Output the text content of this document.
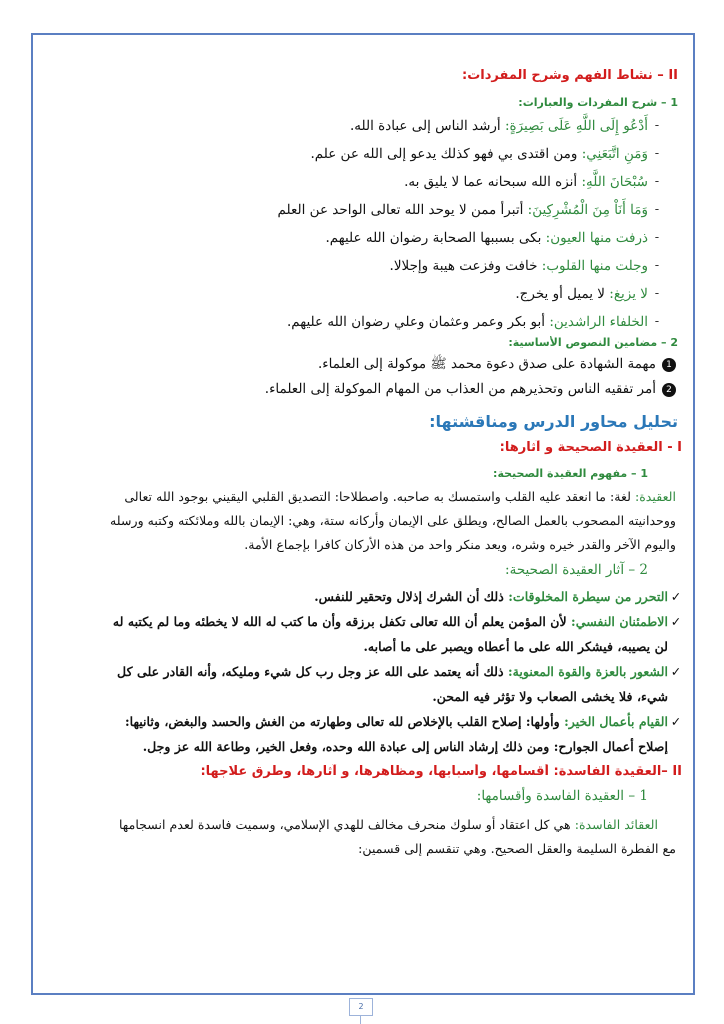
II – نشاط الفهم وشرح المفردات:
1 – شرح المفردات والعبارات:
-
أَدْعُو إِلَى اللَّهِ عَلَى بَصِيرَةٍ
:
أرشد الناس إلى عبادة الله.
-
وَمَنِ اتَّبَعَنِي
:
ومن اقتدى بي فهو كذلك يدعو إلى الله عن علم.
-
سُبْحَانَ اللَّهِ
:
أنزه الله سبحانه عما لا يليق به.
-
وَمَا أَنَاْ مِنَ الْمُشْرِكِينَ
:
أتبرأ ممن لا يوحد الله تعالى الواحد عن العلم
-
ذرفت منها العيون
:
بكى بسببها الصحابة رضوان الله عليهم.
-
وجلت منها القلوب
:
خافت وفزعت هيبة وإجلالا.
-
لا يزيغ
:
لا يميل أو يخرج.
-
الخلفاء الراشدين
:
أبو بكر وعمر وعثمان وعلي رضوان الله عليهم.
2 – مضامين النصوص الأساسية:
1
مهمة الشهادة على صدق دعوة محمد ﷺ موكولة إلى العلماء.
2
أمر تفقيه الناس وتحذيرهم من العذاب من المهام الموكولة إلى العلماء.
تحليل محاور الدرس ومناقشتها:
I - العقيدة الصحيحة و آثارها:
1 – مفهوم العقيدة الصحيحة:
العقيدة: لغة: ما انعقد عليه القلب واستمسك به صاحبه. واصطلاحا: التصديق القلبي اليقيني بوجود الله تعالى
ووحدانيته المصحوب بالعمل الصالح، ويطلق على الإيمان وأركانه ستة، وهي: الإيمان بالله وملائكته وكتبه ورسله
واليوم الآخر والقدر خيره وشره، ويعد منكر واحد من هذه الأركان كافرا بإجماع الأمة.
2 – آثار العقيدة الصحيحة:
✓
التحرر من سيطرة المخلوقات: ذلك أن الشرك إذلال وتحقير للنفس.
✓
الاطمئنان النفسي: لأن المؤمن يعلم أن الله تعالى تكفل برزقه وأن ما كتب له الله لا يخطئه وما لم يكتبه له
لن يصيبه، فيشكر الله على ما أعطاه ويصبر على ما أصابه.
✓
الشعور بالعزة والقوة المعنوية: ذلك أنه يعتمد على الله عز وجل رب كل شيء ومليكه، وأنه القادر على كل
شيء، فلا يخشى الصعاب ولا تؤثر فيه المحن.
✓
القيام بأعمال الخير: وأولها: إصلاح القلب بالإخلاص لله تعالى وطهارته من الغش والحسد والبغض، وثانيها:
إصلاح أعمال الجوارح: ومن ذلك إرشاد الناس إلى عبادة الله وحده، وفعل الخير، وطاعة الله عز وجل.
II –العقيدة الفاسدة: أقسامها، وأسبابها، ومظاهرها، و آثارها، وطرق علاجها:
1 – العقيدة الفاسدة وأقسامها:
العقائد الفاسدة: هي كل اعتقاد أو سلوك منحرف مخالف للهدي الإسلامي، وسميت فاسدة لعدم انسجامها
مع الفطرة السليمة والعقل الصحيح. وهي تنقسم إلى قسمين:
2
